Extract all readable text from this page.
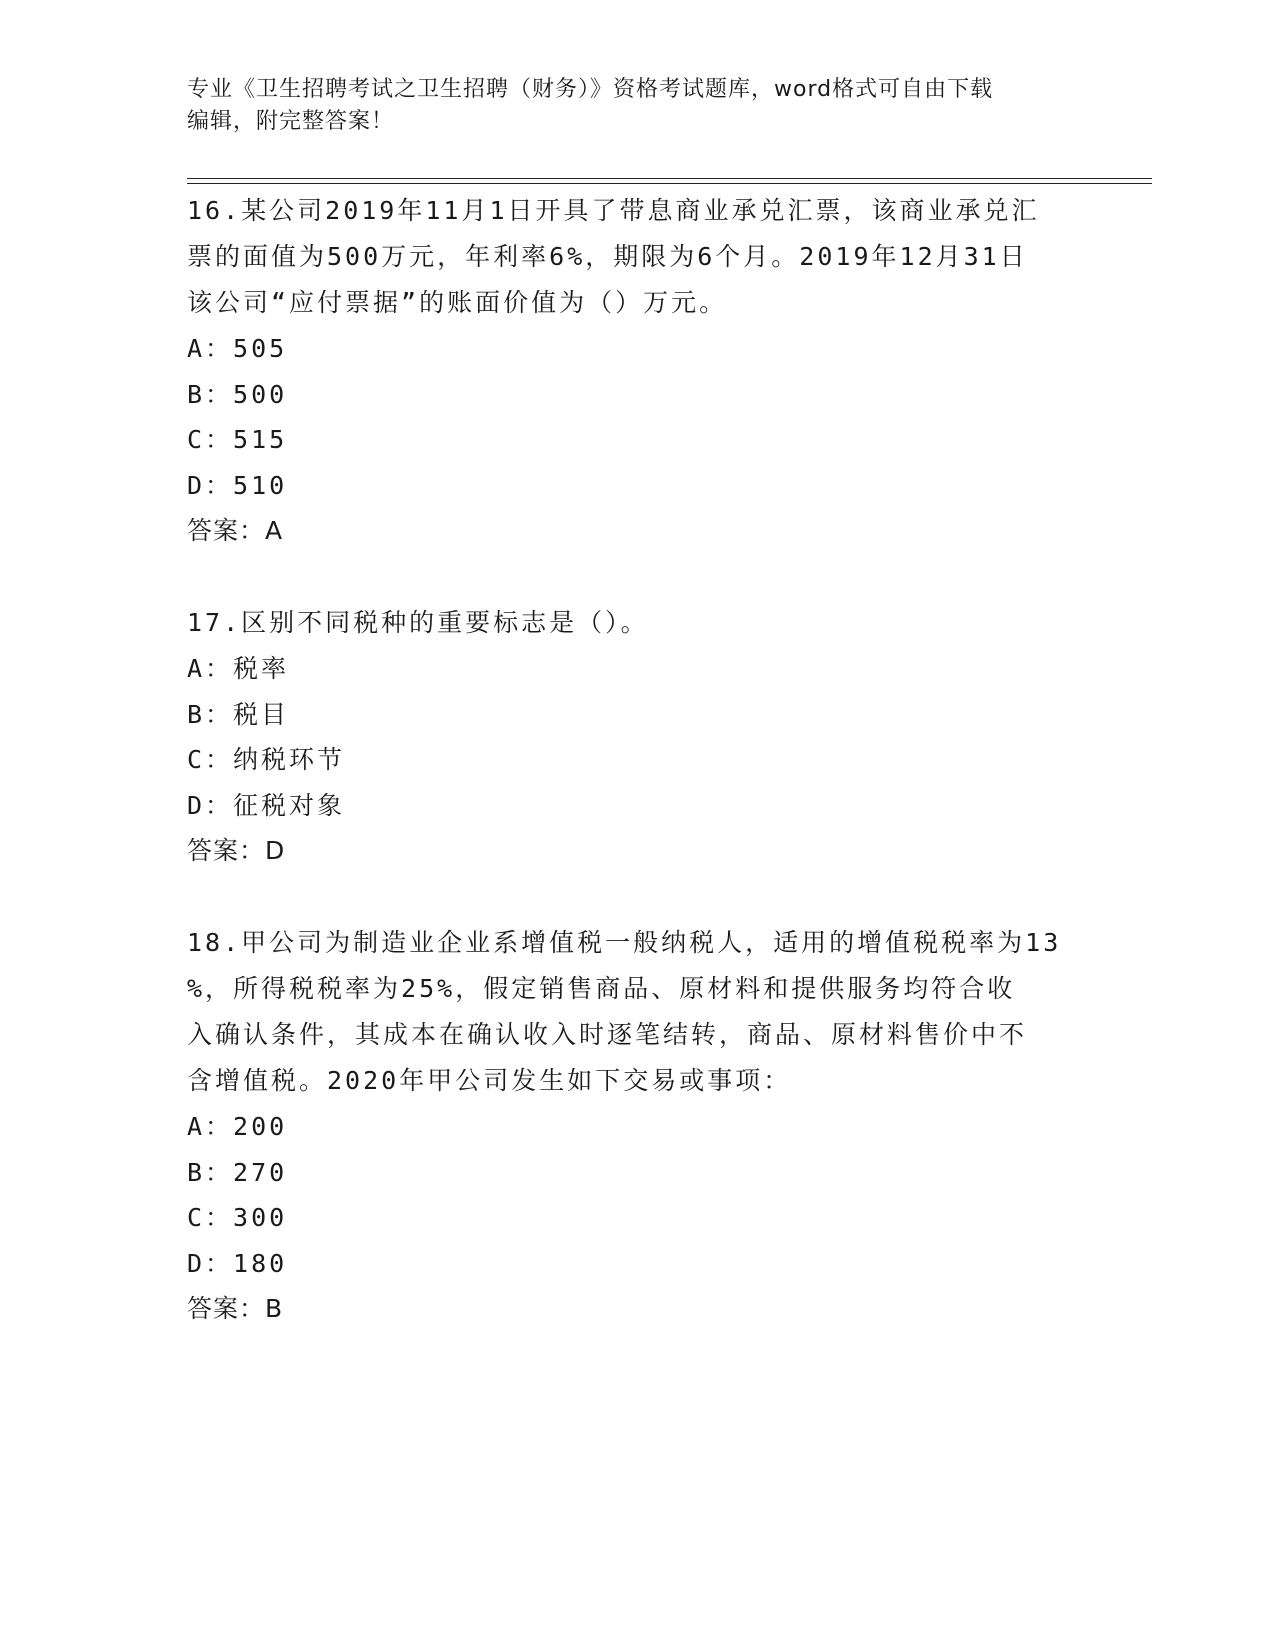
专业《卫生招聘考试之卫生招聘（财务）》资格考试题库，word格式可自由下载
编辑，附完整答案！

16.某公司2019年11月1日开具了带息商业承兑汇票，该商业承兑汇

票的面值为500万元，年利率6%，期限为6个月。2019年12月31日

该公司“应付票据”的账面价值为（）万元。

A：505

B：500

C：515

D：510

答案：A

17.区别不同税种的重要标志是（）。

A：税率

B：税目

C：纳税环节

D：征税对象

答案：D

18.甲公司为制造业企业系增值税一般纳税人，适用的增值税税率为13

%，所得税税率为25%，假定销售商品、原材料和提供服务均符合收

入确认条件，其成本在确认收入时逐笔结转，商品、原材料售价中不

含增值税。2020年甲公司发生如下交易或事项：

A：200

B：270

C：300

D：180

答案：B
